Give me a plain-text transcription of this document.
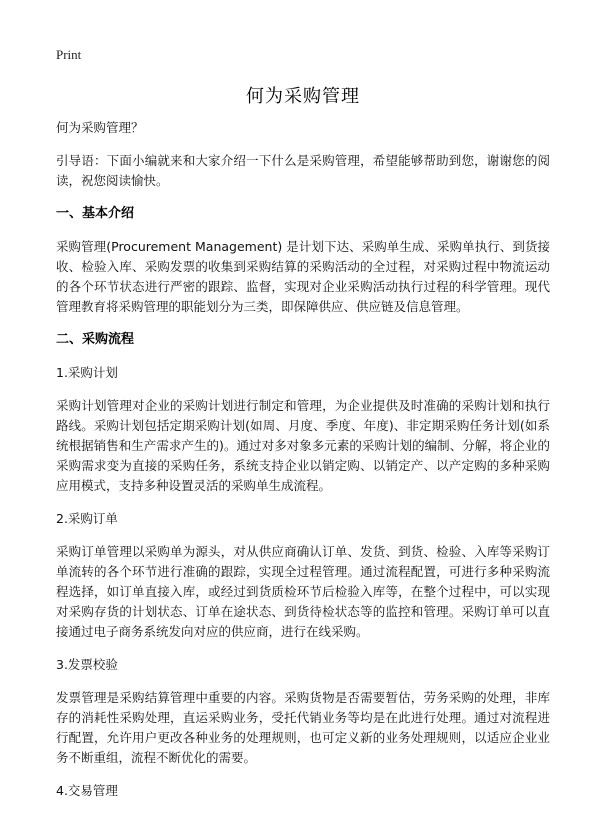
Print
何为采购管理

何为采购管理？

引导语：下面小编就来和大家介绍一下什么是采购管理，希望能够帮助到您，谢谢您的阅读，祝您阅读愉快。

一、基本介绍

采购管理(Procurement Management) 是计划下达、采购单生成、采购单执行、到货接收、检验入库、采购发票的收集到采购结算的采购活动的全过程，对采购过程中物流运动的各个环节状态进行严密的跟踪、监督，实现对企业采购活动执行过程的科学管理。现代管理教育将采购管理的职能划分为三类，即保障供应、供应链及信息管理。

二、采购流程
1.采购计划

采购计划管理对企业的采购计划进行制定和管理，为企业提供及时准确的采购计划和执行路线。采购计划包括定期采购计划(如周、月度、季度、年度)、非定期采购任务计划(如系统根据销售和生产需求产生的)。通过对多对象多元素的采购计划的编制、分解，将企业的采购需求变为直接的采购任务，系统支持企业以销定购、以销定产、以产定购的多种采购应用模式，支持多种设置灵活的采购单生成流程。

2.采购订单

采购订单管理以采购单为源头，对从供应商确认订单、发货、到货、检验、入库等采购订单流转的各个环节进行准确的跟踪，实现全过程管理。通过流程配置，可进行多种采购流程选择，如订单直接入库，或经过到货质检环节后检验入库等，在整个过程中，可以实现对采购存货的计划状态、订单在途状态、到货待检状态等的监控和管理。采购订单可以直接通过电子商务系统发向对应的供应商，进行在线采购。

3.发票校验

发票管理是采购结算管理中重要的内容。采购货物是否需要暂估，劳务采购的处理，非库存的消耗性采购处理，直运采购业务，受托代销业务等均是在此进行处理。通过对流程进行配置，允许用户更改各种业务的处理规则，也可定义新的业务处理规则，以适应企业业务不断重组，流程不断优化的需要。

4.交易管理
